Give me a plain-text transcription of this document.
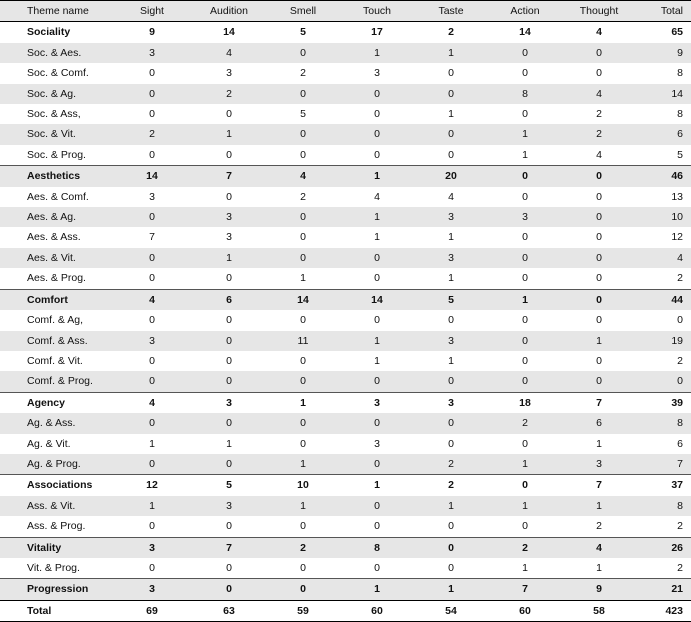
Theme name	Sight	Audition	Smell	Touch	Taste	Action	Thought	Total
Sociality	9	14	5	17	2	14	4	65
Soc. & Aes.	3	4	0	1	1	0	0	9
Soc. & Comf.	0	3	2	3	0	0	0	8
Soc. & Ag.	0	2	0	0	0	8	4	14
Soc. & Ass,	0	0	5	0	1	0	2	8
Soc. & Vit.	2	1	0	0	0	1	2	6
Soc. & Prog.	0	0	0	0	0	1	4	5
Aesthetics	14	7	4	1	20	0	0	46
Aes. & Comf.	3	0	2	4	4	0	0	13
Aes. & Ag.	0	3	0	1	3	3	0	10
Aes. & Ass.	7	3	0	1	1	0	0	12
Aes. & Vit.	0	1	0	0	3	0	0	4
Aes. & Prog.	0	0	1	0	1	0	0	2
Comfort	4	6	14	14	5	1	0	44
Comf. & Ag,	0	0	0	0	0	0	0	0
Comf. & Ass.	3	0	11	1	3	0	1	19
Comf. & Vit.	0	0	0	1	1	0	0	2
Comf. & Prog.	0	0	0	0	0	0	0	0
Agency	4	3	1	3	3	18	7	39
Ag. & Ass.	0	0	0	0	0	2	6	8
Ag. & Vit.	1	1	0	3	0	0	1	6
Ag. & Prog.	0	0	1	0	2	1	3	7
Associations	12	5	10	1	2	0	7	37
Ass. & Vit.	1	3	1	0	1	1	1	8
Ass. & Prog.	0	0	0	0	0	0	2	2
Vitality	3	7	2	8	0	2	4	26
Vit. & Prog.	0	0	0	0	0	1	1	2
Progression	3	0	0	1	1	7	9	21
Total	69	63	59	60	54	60	58	423
